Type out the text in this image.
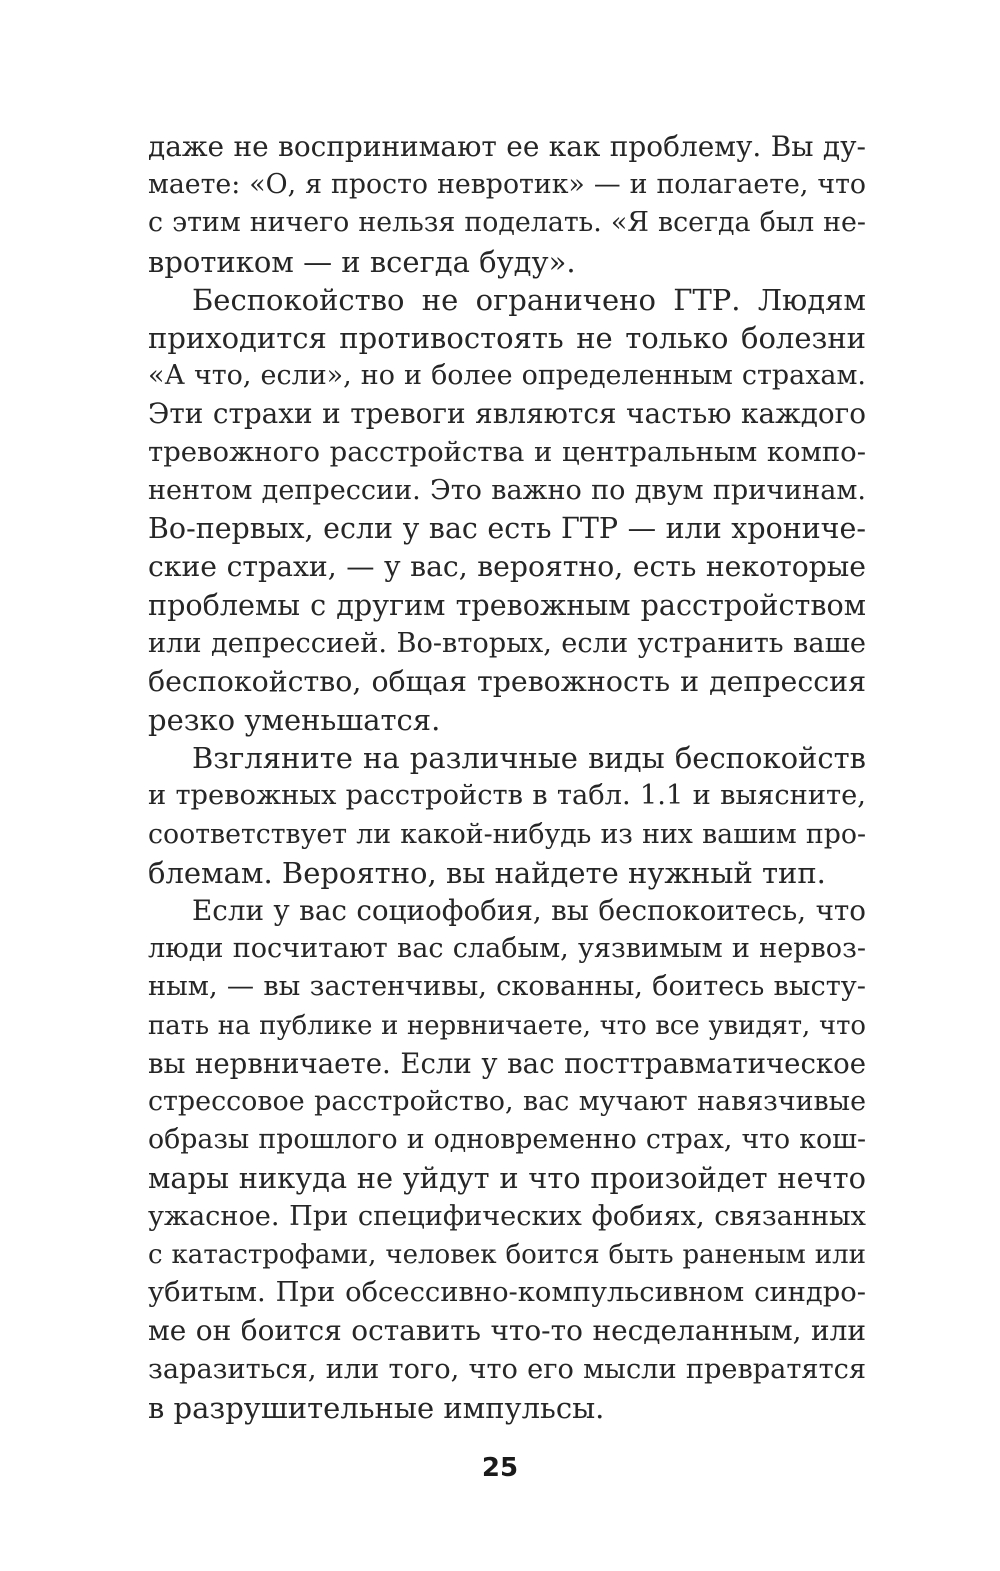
даже не воспринимают ее как проблему. Вы ду-
маете: «О, я просто невротик» — и полагаете, что
с этим ничего нельзя поделать. «Я всегда был не-
вротиком — и всегда буду».
Беспокойство не ограничено ГТР. Людям
приходится противостоять не только болезни
«А что, если», но и более определенным страхам.
Эти страхи и тревоги являются частью каждого
тревожного расстройства и центральным компо-
нентом депрессии. Это важно по двум причинам.
Во-первых, если у вас есть ГТР — или хрониче-
ские страхи, — у вас, вероятно, есть некоторые
проблемы с другим тревожным расстройством
или депрессией. Во-вторых, если устранить ваше
беспокойство, общая тревожность и депрессия
резко уменьшатся.
Взгляните на различные виды беспокойств
и тревожных расстройств в табл. 1.1 и выясните,
соответствует ли какой-нибудь из них вашим про-
блемам. Вероятно, вы найдете нужный тип.
Если у вас социофобия, вы беспокоитесь, что
люди посчитают вас слабым, уязвимым и нервоз-
ным, — вы застенчивы, скованны, боитесь высту-
пать на публике и нервничаете, что все увидят, что
вы нервничаете. Если у вас посттравматическое
стрессовое расстройство, вас мучают навязчивые
образы прошлого и одновременно страх, что кош-
мары никуда не уйдут и что произойдет нечто
ужасное. При специфических фобиях, связанных
с катастрофами, человек боится быть раненым или
убитым. При обсессивно-компульсивном синдро-
ме он боится оставить что-то несделанным, или
заразиться, или того, что его мысли превратятся
в разрушительные импульсы.
25
